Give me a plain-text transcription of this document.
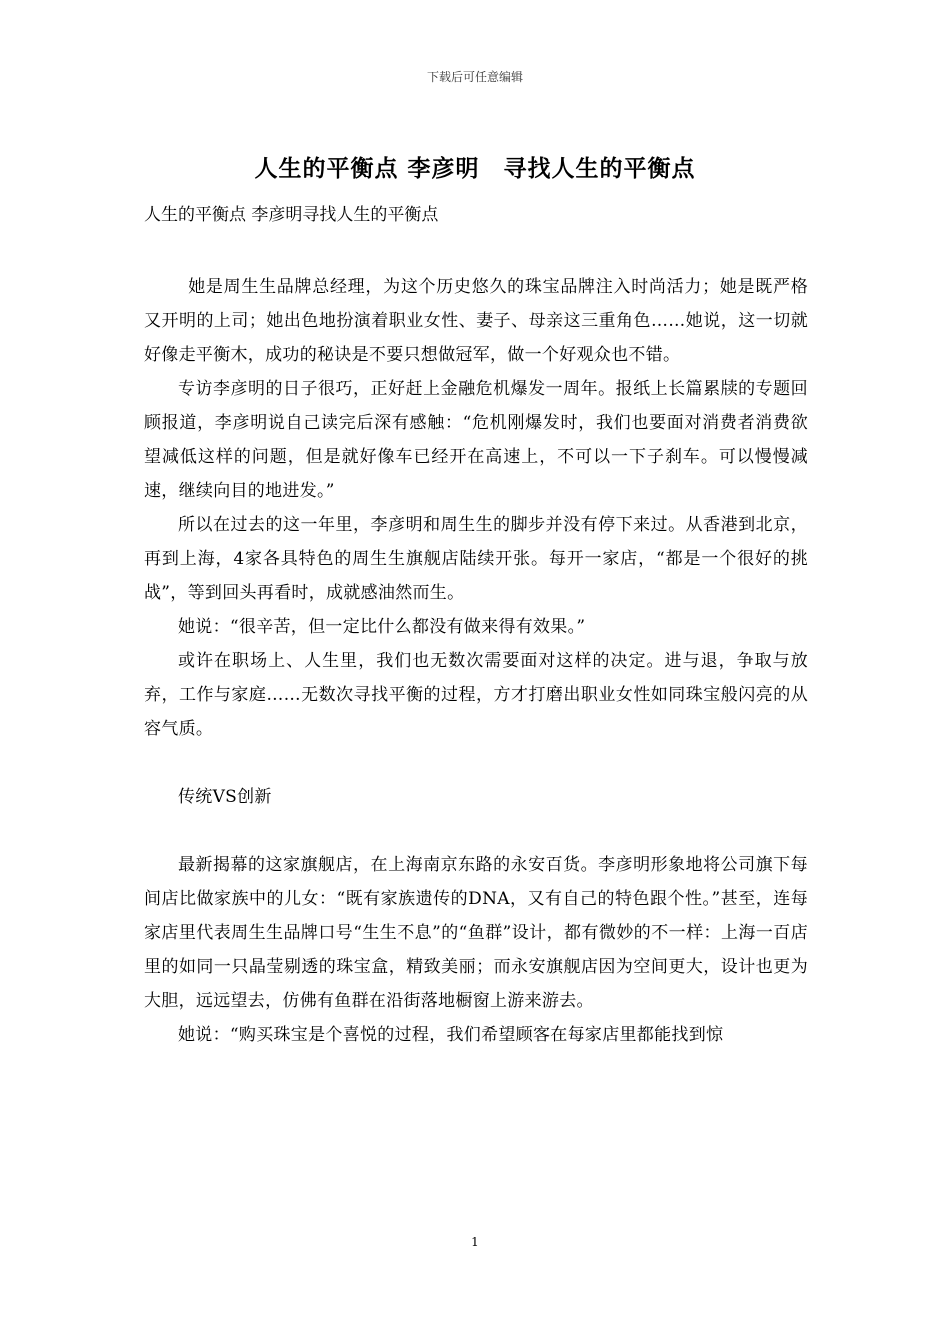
下载后可任意编辑
人生的平衡点 李彦明　寻找人生的平衡点
人生的平衡点 李彦明寻找人生的平衡点

她是周生生品牌总经理，为这个历史悠久的珠宝品牌注入时尚活力；她是既严格又开明的上司；她出色地扮演着职业女性、妻子、母亲这三重角色……她说，这一切就好像走平衡木，成功的秘诀是不要只想做冠军，做一个好观众也不错。

专访李彦明的日子很巧，正好赶上金融危机爆发一周年。报纸上长篇累牍的专题回顾报道，李彦明说自己读完后深有感触：“危机刚爆发时，我们也要面对消费者消费欲望减低这样的问题，但是就好像车已经开在高速上，不可以一下子刹车。可以慢慢减速，继续向目的地进发。”

所以在过去的这一年里，李彦明和周生生的脚步并没有停下来过。从香港到北京，再到上海，4家各具特色的周生生旗舰店陆续开张。每开一家店，“都是一个很好的挑战”，等到回头再看时，成就感油然而生。

她说：“很辛苦，但一定比什么都没有做来得有效果。”

或许在职场上、人生里，我们也无数次需要面对这样的决定。进与退，争取与放弃，工作与家庭……无数次寻找平衡的过程，方才打磨出职业女性如同珠宝般闪亮的从容气质。

传统VS创新

最新揭幕的这家旗舰店，在上海南京东路的永安百货。李彦明形象地将公司旗下每间店比做家族中的儿女：“既有家族遗传的DNA，又有自己的特色跟个性。”甚至，连每家店里代表周生生品牌口号“生生不息”的“鱼群”设计，都有微妙的不一样：上海一百店里的如同一只晶莹剔透的珠宝盒，精致美丽；而永安旗舰店因为空间更大，设计也更为大胆，远远望去，仿佛有鱼群在沿街落地橱窗上游来游去。

她说：“购买珠宝是个喜悦的过程，我们希望顾客在每家店里都能找到惊

1
